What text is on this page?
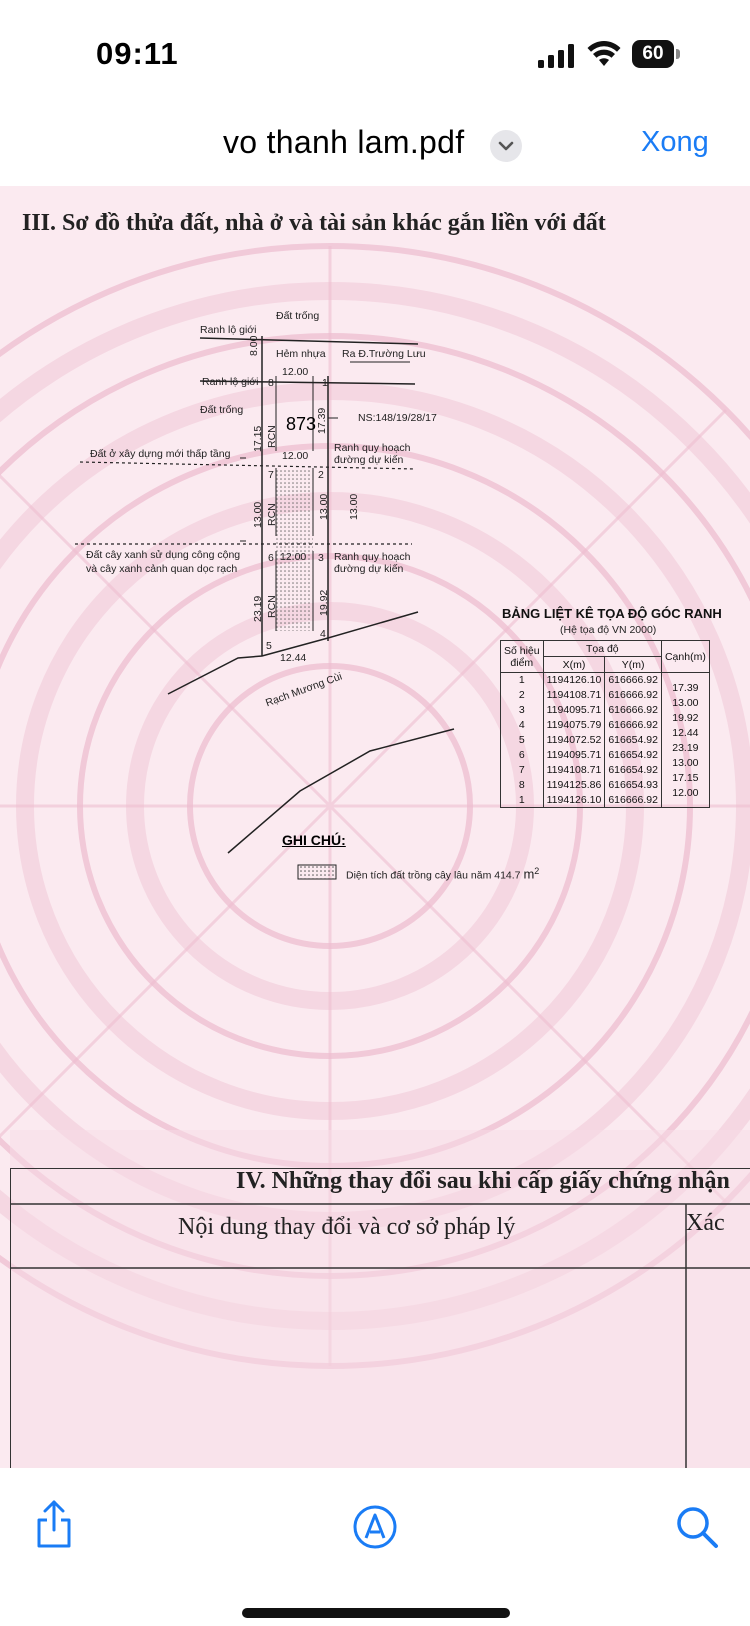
09:11	60
vo thanh lam.pdf	Xong
III. Sơ đồ thửa đất, nhà ở và tài sản khác gắn liền với đất
Đất trống
Ranh lộ giới
Hẻm nhựa Ra Đ.Trường Lưu
8.00
12.00
Ranh lộ giới 8	1
Đất trống
17.15 RCN
873 17.39	NS:148/19/28/17
Đất ở xây dựng mới thấp tầng	12.00
Ranh quy hoạch
đường dự kiến
7	2
13.00 RCN	13.00 13.00
Đất cây xanh sử dụng công cộng
và cây xanh cảnh quan dọc rạch
6 12.00 3 Ranh quy hoạch
đường dự kiến
23.19 RCN	19.92
5
4
12.44
Rạch Mương Cùi
GHI CHÚ:
Diện tích đất trồng cây lâu năm 414.7 $m^2$
BẢNG LIỆT KÊ TỌA ĐỘ GÓC RANH
(Hệ tọa độ VN 2000)
Số hiệu
điểm	Tọa độ		Cạnh(m)
	X(m)	Y(m)	
1	1194126.10	616666.92	17.39
2	1194108.71	616666.92	13.00
3	1194095.71	616666.92	19.92
4	1194075.79	616666.92	12.44
5	1194072.52	616654.92	23.19
6	1194095.71	616654.92	13.00
7	1194108.71	616654.92	17.15
8	1194125.86	616654.93	12.00
1	1194126.10	616666.92	
IV. Những thay đổi sau khi cấp giấy chứng nhận
Nội dung thay đổi và cơ sở pháp lý	Xác
